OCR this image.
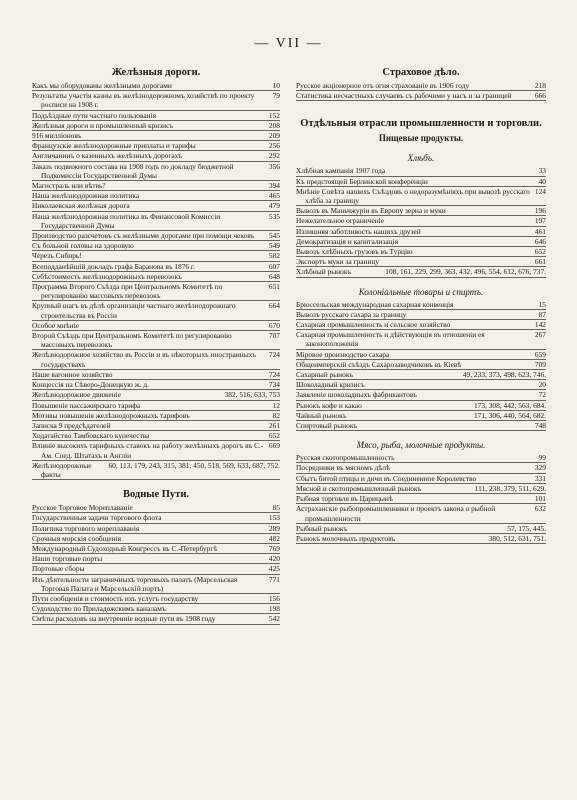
— VII —
Желѣзныя дороги.
10
Какъ мы оборудованы желѣзными дорогами
79
Результаты участія казны въ желѣзнодорожномъ хозяйствѣ по проекту росписи на 1908 г.
152
Подъѣздные пути частнаго пользованія
208
Желѣзныя дороги и промышленный кризисъ
209
916 милліоновъ
256
Французскіе желѣзнодорожные приплаты и тарифы
292
Англичанинъ о казенныхъ желѣзныхъ дорогахъ
356
Заказъ подвижного состава на 1908 годъ по докладу бюджетной Подкомиссіи Государственной Думы
394
Магистраль или вѣтвь?
465
Наша желѣзнодорожная политика
479
Николаевская желѣзная дорога
535
Наша желѣзнодорожная политика въ Финансовой Комиссіи Государственной Думы
545
Производство разсчетовъ съ желѣзными дорогами при помощи чековъ
549
Съ больной головы на здоровую
582
Черезъ Сибирь!
607
Всеподданѣйшій докладъ графа Баранова въ 1876 г.
648
Себѣстоимость желѣзнодорожныхъ перевозокъ
651
Программа Второго Съѣзда при Центральномъ Комитетѣ по регулированію массовыхъ перевозокъ
664
Крупный шагъ въ дѣлѣ организаціи частнаго желѣзнодорожнаго строительства въ Россіи
670
Особое мнѣніе
707
Второй Съѣздъ при Центральномъ Комитетѣ по регулированію массовыхъ перевозокъ
724
Желѣзнодорожное хозяйство въ Россіи и въ нѣкоторыхъ иностранныхъ государствахъ
724
Наше вагонное хозяйство
734
Концессія на Сѣверо-Донецкую ж. д.
382, 516, 633, 753
Желѣзнодорожное движеніе
12
Повышеніе пассажирскаго тарифа
82
Мотивы повышенія желѣзнодорожныхъ тарифовъ
261
Записка 9 предсѣдателей
652
Ходатайство Тамбовскаго купечества
669
Вліяніе высокихъ тарифныхъ ставокъ на работу желѣзныхъ дорогъ въ С.-Ам. Соед. Штатахъ и Англіи
60, 113, 179, 243, 315, 381, 450, 518, 569, 633, 687, 752.
Желѣзнодорожные факты
Водные Пути.
85
Русское Торговое Мореплаваніе
153
Государственныя задачи торгового флота
289
Политика торгового мореплаванія
482
Срочныя морскія сообщенія
769
Международный Судоходный Конгрессъ въ С.-Петербургѣ
420
Наши торговые порты
425
Портовые сборы
771
Изъ дѣятельности заграничныхъ торговыхъ палатъ (Марсельская Торговая Палата и Марсельскій портъ)
156
Пути сообщенія и стоимость ихъ услугъ государству
198
Судоходство по Приладожскимъ каналамъ
542
Смѣты расходовъ на внутренніе водные пути въ 1908 году
Страховое дѣло.
218
Русское акціонерное отъ огня страхованіе въ 1906 году
666
Статистика несчастныхъ случаевъ съ рабочими у насъ и за границей
Отдѣльныя отрасли промышленности и торговли.
Пищевые продукты.
Хлѣбъ.
33
Хлѣбная кампанія 1907 года
40
Къ предстоящей Берлинской конференціи
124
Мнѣніе Совѣта нашихъ Съѣздовъ о недоразумѣніяхъ при вывозѣ русскаго хлѣба за границу
196
Вывозъ въ Маньчжуріи въ Европу зерна и муки
197
Нежелательное ограниченіе
461
Излишняя заботливость нашихъ друзей
646
Демократизація и капитализація
652
Вывозъ хлѣбныхъ грузовъ въ Турцію
661
Экспортъ муки за границу
108, 161, 229, 299, 363, 432, 496, 554, 612, 676, 737.
Хлѣбный рынокъ
Колоніальные товары и спиртъ.
15
Брюссельская международная сахарная конвенція
87
Вывозъ русскаго сахара за границу
142
Сахарная промышленность и сельское хозяйство
267
Сахарная промышленность и дѣйствующія въ отношеніи ея законоположенія
659
Міровое производство сахара
709
Общеимперскій съѣздъ Сахарозаводчиковъ въ Кіевѣ
49, 233, 373, 498, 623, 746.
Сахарный рынокъ
20
Шоколадный кризисъ
72
Заявленіе шоколадныхъ фабрикантовъ
173, 308, 442, 563, 684.
Рынокъ кофе и какао
171, 306, 440, 564, 682.
Чайный рынокъ
748
Спиртовый рынокъ
Мясо, рыба, молочные продукты.
99
Русская скотопромышленность
329
Посредники въ мясномъ дѣлѣ
331
Сбытъ битой птицы и дичи въ Соединенное Королевство
111, 238, 379, 511, 629.
Мясной и скотопромышленный рынокъ
101
Рыбная торговля въ Царицынѣ
632
Астраханскіе рыбопромышленники и проектъ закона о рыбной промышленности
57, 175, 445.
Рыбный рынокъ
380, 512, 631, 751.
Рынокъ молочныхъ продуктовъ
